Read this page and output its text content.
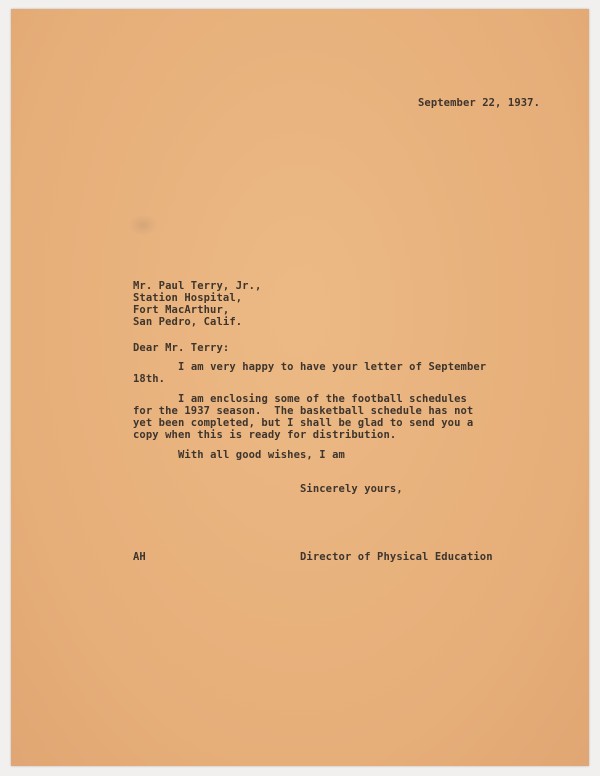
September 22, 1937.
Mr. Paul Terry, Jr.,
Station Hospital,
Fort MacArthur,
San Pedro, Calif.
Dear Mr. Terry:
I am very happy to have your letter of September
18th.
I am enclosing some of the football schedules
for the 1937 season.  The basketball schedule has not
yet been completed, but I shall be glad to send you a
copy when this is ready for distribution.
With all good wishes, I am
Sincerely yours,
AH	Director of Physical Education
